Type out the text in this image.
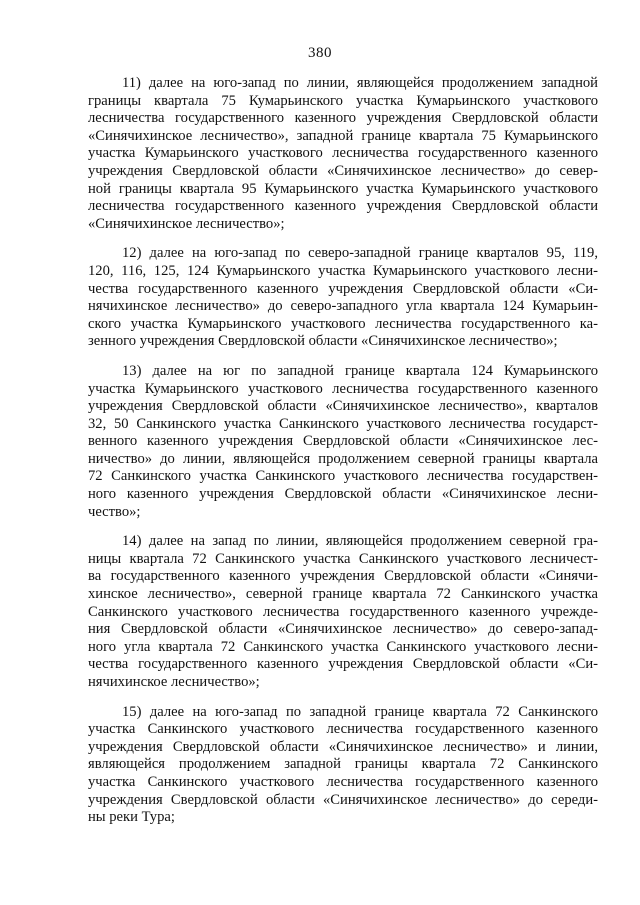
380
11) далее на юго-запад по линии, являющейся продолжением западной
границы квартала 75 Кумарьинского участка Кумарьинского участкового
лесничества государственного казенного учреждения Свердловской области
«Синячихинское лесничество», западной границе квартала 75 Кумарьинского
участка Кумарьинского участкового лесничества государственного казенного
учреждения Свердловской области «Синячихинское лесничество» до север-
ной границы квартала 95 Кумарьинского участка Кумарьинского участкового
лесничества государственного казенного учреждения Свердловской области
«Синячихинское лесничество»;
12) далее на юго-запад по северо-западной границе кварталов 95, 119,
120, 116, 125, 124 Кумарьинского участка Кумарьинского участкового лесни-
чества государственного казенного учреждения Свердловской области «Си-
нячихинское лесничество» до северо-западного угла квартала 124 Кумарьин-
ского участка Кумарьинского участкового лесничества государственного ка-
зенного учреждения Свердловской области «Синячихинское лесничество»;
13) далее на юг по западной границе квартала 124 Кумарьинского
участка Кумарьинского участкового лесничества государственного казенного
учреждения Свердловской области «Синячихинское лесничество», кварталов
32, 50 Санкинского участка Санкинского участкового лесничества государст-
венного казенного учреждения Свердловской области «Синячихинское лес-
ничество» до линии, являющейся продолжением северной границы квартала
72 Санкинского участка Санкинского участкового лесничества государствен-
ного казенного учреждения Свердловской области «Синячихинское лесни-
чество»;
14) далее на запад по линии, являющейся продолжением северной гра-
ницы квартала 72 Санкинского участка Санкинского участкового лесничест-
ва государственного казенного учреждения Свердловской области «Синячи-
хинское лесничество», северной границе квартала 72 Санкинского участка
Санкинского участкового лесничества государственного казенного учрежде-
ния Свердловской области «Синячихинское лесничество» до северо-запад-
ного угла квартала 72 Санкинского участка Санкинского участкового лесни-
чества государственного казенного учреждения Свердловской области «Си-
нячихинское лесничество»;
15) далее на юго-запад по западной границе квартала 72 Санкинского
участка Санкинского участкового лесничества государственного казенного
учреждения Свердловской области «Синячихинское лесничество» и линии,
являющейся продолжением западной границы квартала 72 Санкинского
участка Санкинского участкового лесничества государственного казенного
учреждения Свердловской области «Синячихинское лесничество» до середи-
ны реки Тура;
